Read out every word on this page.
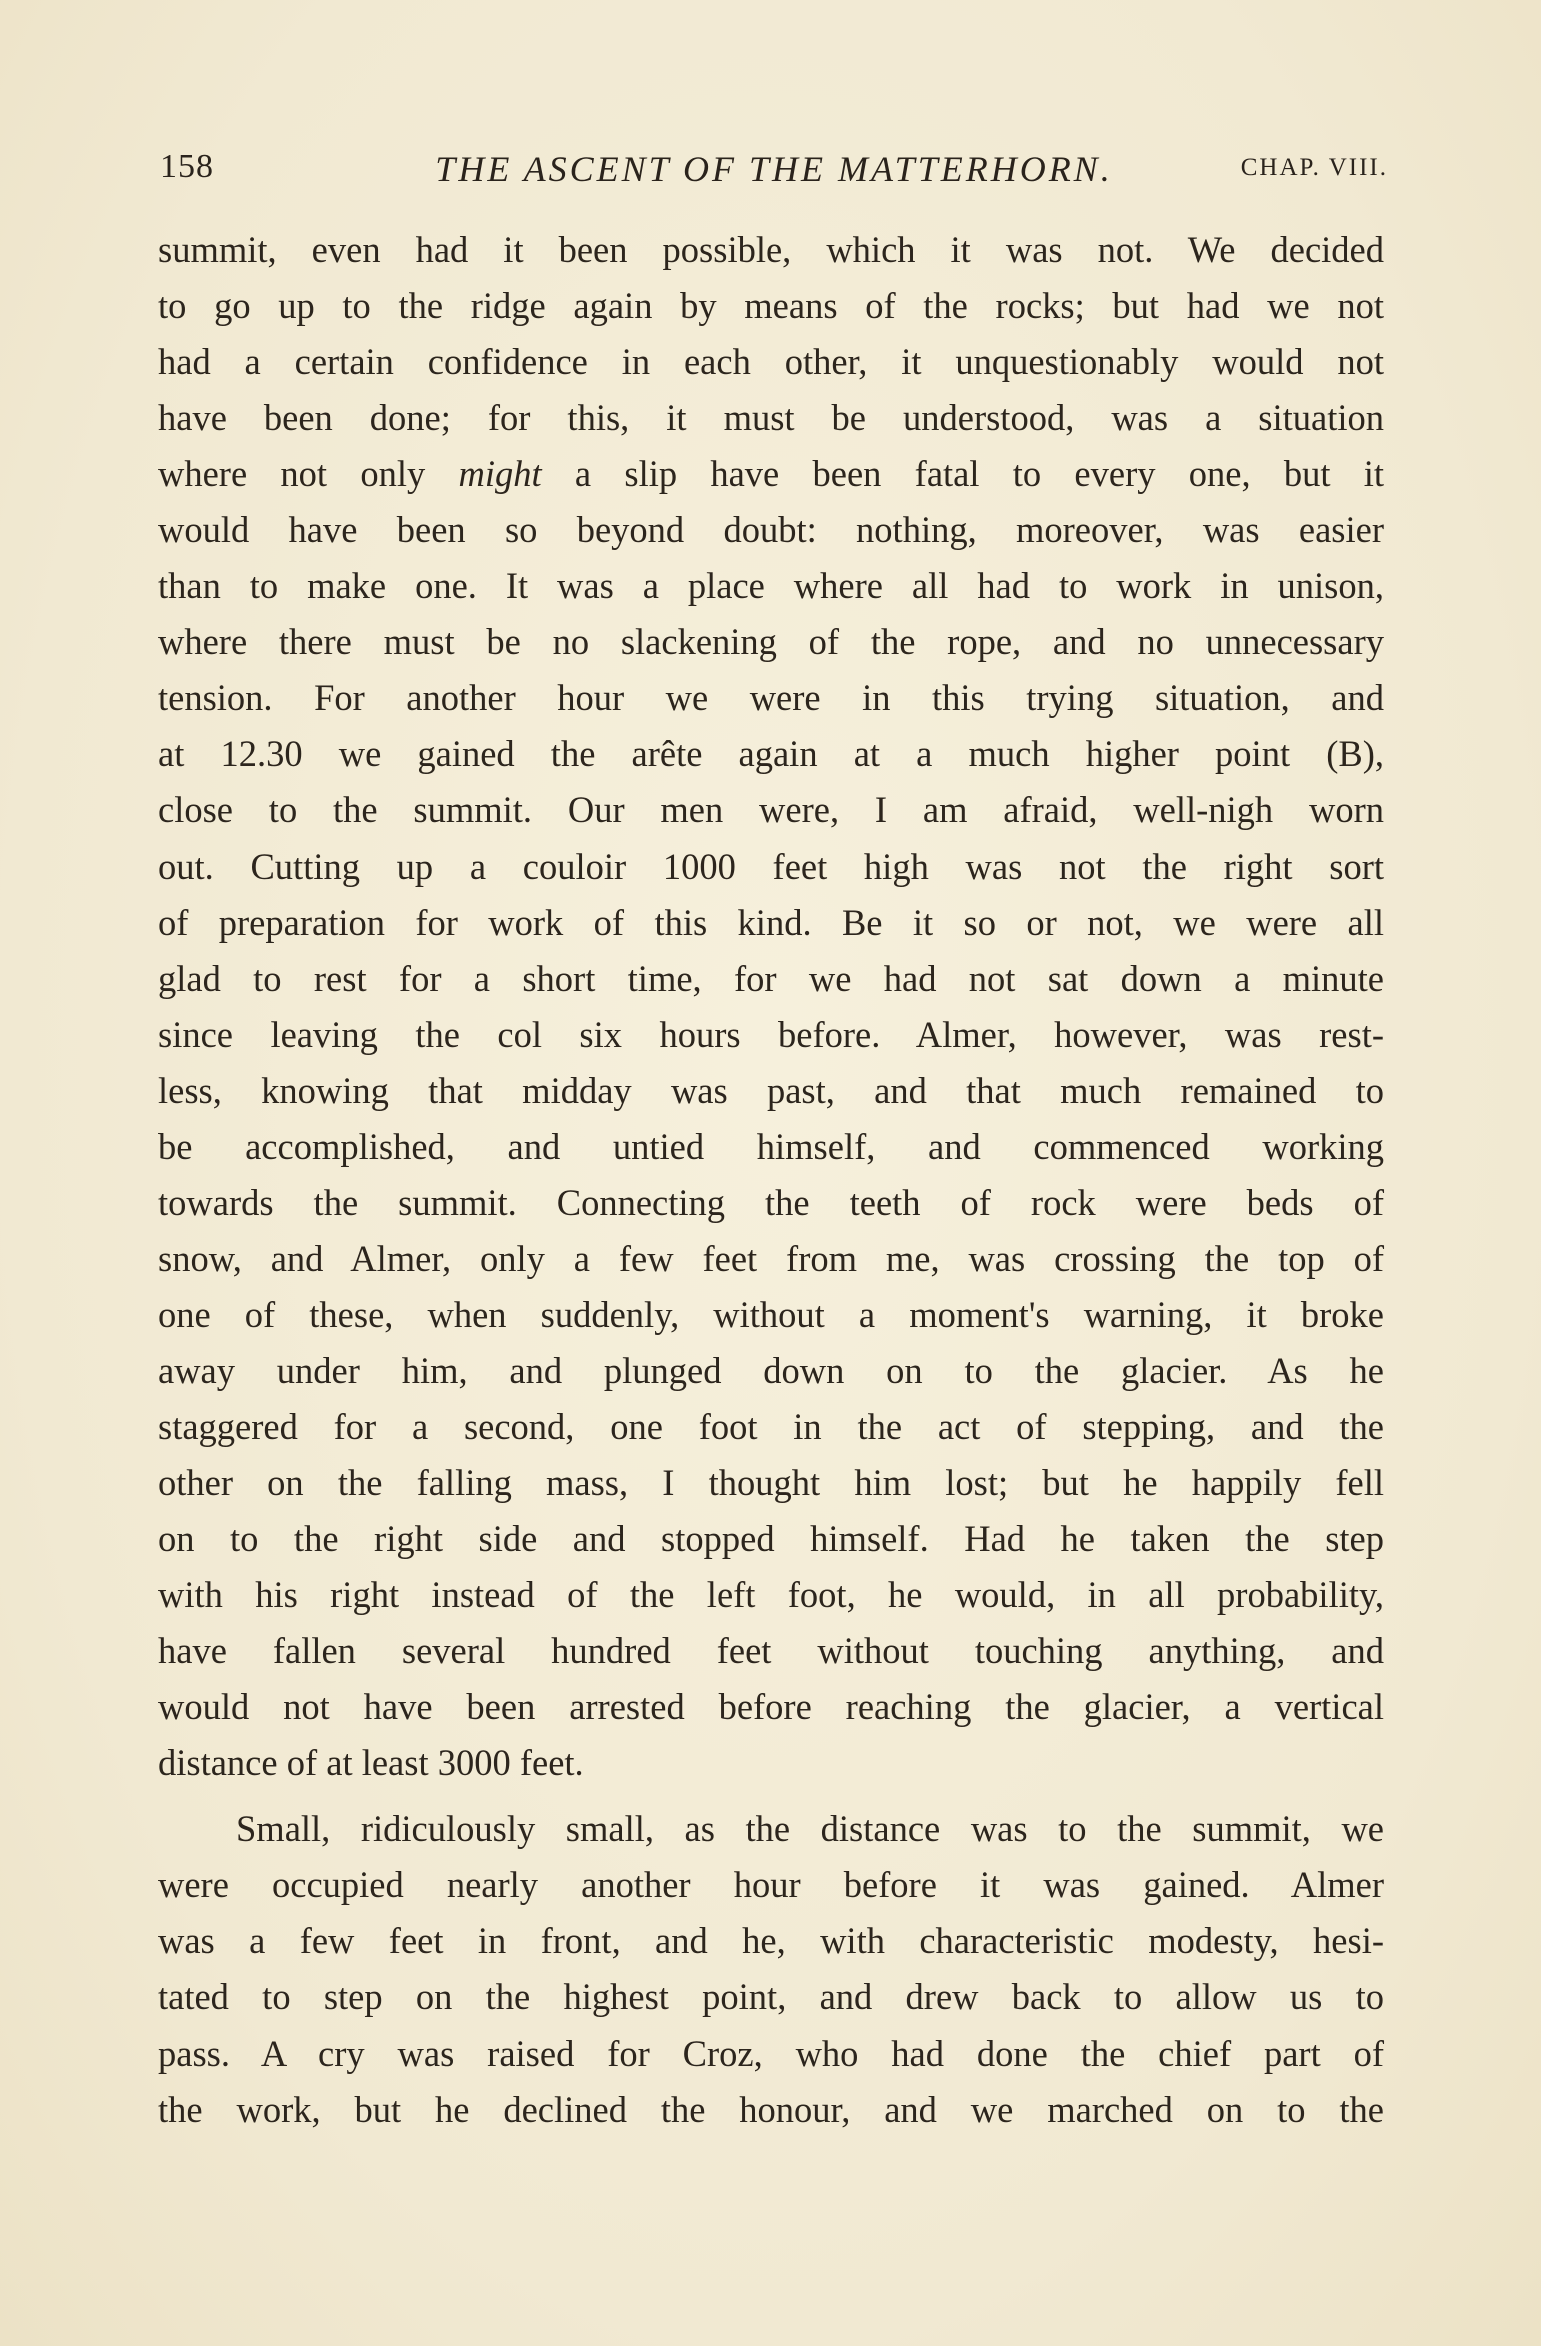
158	THE ASCENT OF THE MATTERHORN.	CHAP. VIII.
summit, even had it been possible, which it was not. We decided
to go up to the ridge again by means of the rocks; but had we not
had a certain confidence in each other, it unquestionably would not
have been done; for this, it must be understood, was a situation
where not only might a slip have been fatal to every one, but it
would have been so beyond doubt: nothing, moreover, was easier
than to make one. It was a place where all had to work in unison,
where there must be no slackening of the rope, and no unnecessary
tension. For another hour we were in this trying situation, and
at 12.30 we gained the arête again at a much higher point (B),
close to the summit. Our men were, I am afraid, well-nigh worn
out. Cutting up a couloir 1000 feet high was not the right sort
of preparation for work of this kind. Be it so or not, we were all
glad to rest for a short time, for we had not sat down a minute
since leaving the col six hours before. Almer, however, was rest-
less, knowing that midday was past, and that much remained to
be accomplished, and untied himself, and commenced working
towards the summit. Connecting the teeth of rock were beds of
snow, and Almer, only a few feet from me, was crossing the top of
one of these, when suddenly, without a moment's warning, it broke
away under him, and plunged down on to the glacier. As he
staggered for a second, one foot in the act of stepping, and the
other on the falling mass, I thought him lost; but he happily fell
on to the right side and stopped himself. Had he taken the step
with his right instead of the left foot, he would, in all probability,
have fallen several hundred feet without touching anything, and
would not have been arrested before reaching the glacier, a vertical
distance of at least 3000 feet.
Small, ridiculously small, as the distance was to the summit, we
were occupied nearly another hour before it was gained. Almer
was a few feet in front, and he, with characteristic modesty, hesi-
tated to step on the highest point, and drew back to allow us to
pass. A cry was raised for Croz, who had done the chief part of
the work, but he declined the honour, and we marched on to the
